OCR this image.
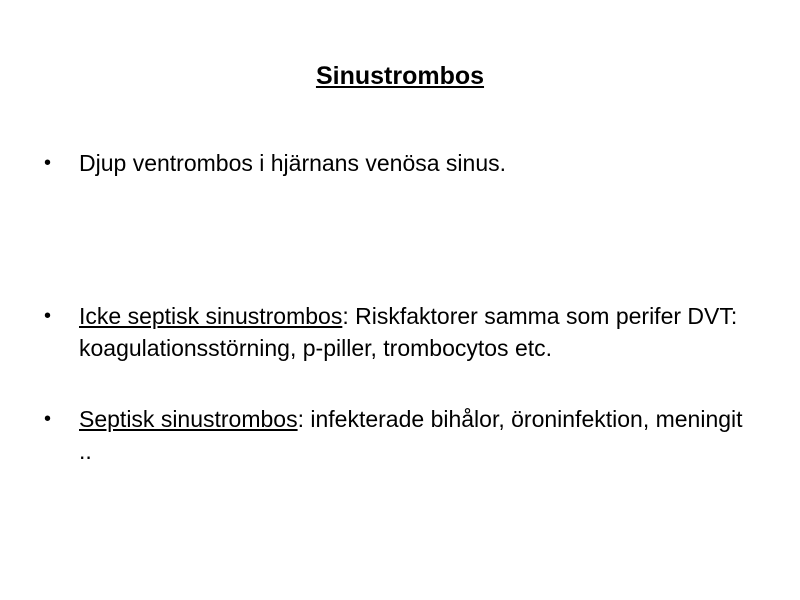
Sinustrombos
•	Djup ventrombos i hjärnans venösa sinus.
•	Icke septisk sinustrombos: Riskfaktorer samma som perifer DVT: koagulationsstörning, p-piller, trombocytos etc.
•	Septisk sinustrombos: infekterade bihålor, öroninfektion, meningit ..
